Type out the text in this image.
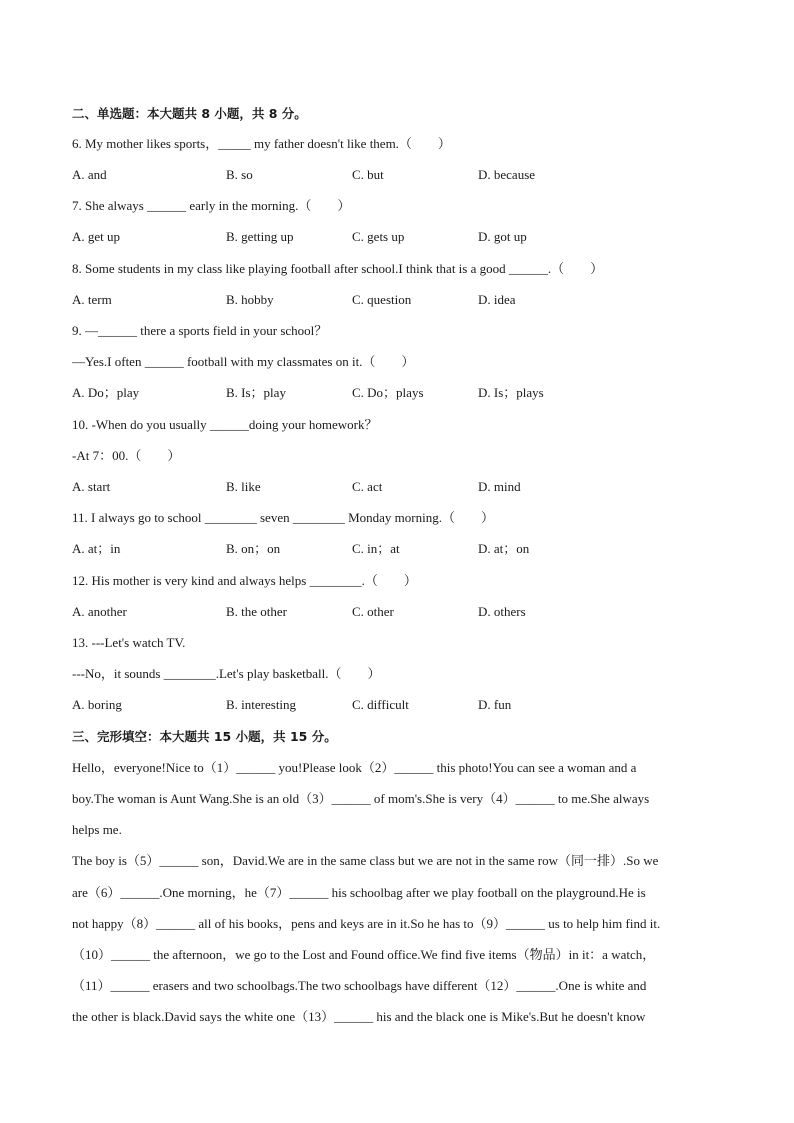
二、单选题：本大题共 8 小题，共 8 分。
6. My mother likes sports，_____ my father doesn't like them.（　　）
A. and	B. so	C. but	D. because
7. She always ______ early in the morning.（　　）
A. get up	B. getting up	C. gets up	D. got up
8. Some students in my class like playing football after school.I think that is a good ______.（　　）
A. term	B. hobby	C. question	D. idea
9. —______ there a sports field in your school？
—Yes.I often ______ football with my classmates on it.（　　）
A. Do；play	B. Is；play	C. Do；plays	D. Is；plays
10. -When do you usually ______doing your homework？
-At 7：00.（　　）
A. start	B. like	C. act	D. mind
11. I always go to school ________ seven ________ Monday morning.（　　）
A. at；in	B. on；on	C. in；at	D. at；on
12. His mother is very kind and always helps ________.（　　）
A. another	B. the other	C. other	D. others
13. ---Let's watch TV.
---No，it sounds ________.Let's play basketball.（　　）
A. boring	B. interesting	C. difficult	D. fun
三、完形填空：本大题共 15 小题，共 15 分。
Hello，everyone!Nice to（1）______ you!Please look（2）______ this photo!You can see a woman and a
boy.The woman is Aunt Wang.She is an old（3）______ of mom's.She is very（4）______ to me.She always
helps me.
The boy is（5）______ son，David.We are in the same class but we are not in the same row（同一排）.So we
are（6）______.One morning，he（7）______ his schoolbag after we play football on the playground.He is
not happy（8）______ all of his books，pens and keys are in it.So he has to（9）______ us to help him find it.
（10）______ the afternoon，we go to the Lost and Found office.We find five items（物品）in it：a watch，
（11）______ erasers and two schoolbags.The two schoolbags have different（12）______.One is white and
the other is black.David says the white one（13）______ his and the black one is Mike's.But he doesn't know
